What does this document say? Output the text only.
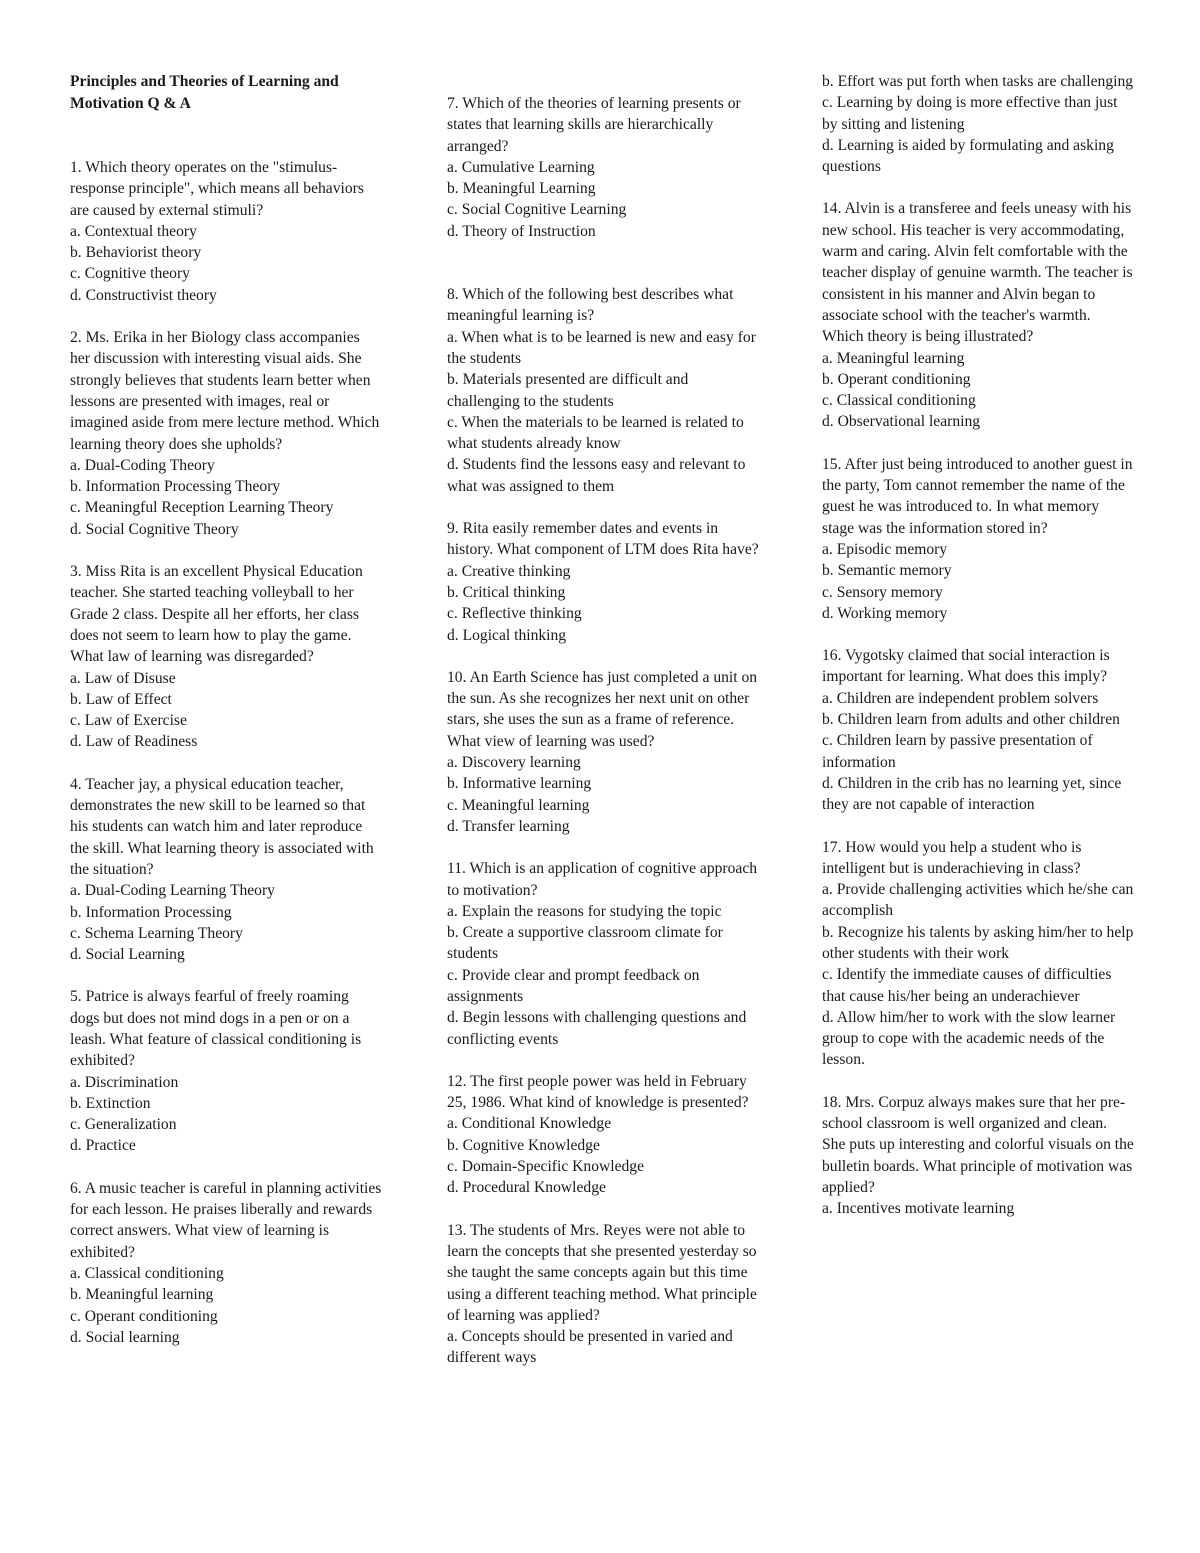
Principles and Theories of Learning and Motivation Q & A

1. Which theory operates on the "stimulus-response principle", which means all behaviors are caused by external stimuli?

a. Contextual theory
b. Behaviorist theory
c. Cognitive theory
d. Constructivist theory

2. Ms. Erika in her Biology class accompanies her discussion with interesting visual aids. She strongly believes that students learn better when lessons are presented with images, real or imagined aside from mere lecture method. Which learning theory does she upholds?

a. Dual-Coding Theory
b. Information Processing Theory
c. Meaningful Reception Learning Theory
d. Social Cognitive Theory

3. Miss Rita is an excellent Physical Education teacher. She started teaching volleyball to her Grade 2 class. Despite all her efforts, her class does not seem to learn how to play the game. What law of learning was disregarded?

a. Law of Disuse
b. Law of Effect
c. Law of Exercise
d. Law of Readiness

4. Teacher jay, a physical education teacher, demonstrates the new skill to be learned so that his students can watch him and later reproduce the skill. What learning theory is associated with the situation?

a. Dual-Coding Learning Theory
b. Information Processing
c. Schema Learning Theory
d. Social Learning

5. Patrice is always fearful of freely roaming dogs but does not mind dogs in a pen or on a leash. What feature of classical conditioning is exhibited?

a. Discrimination
b. Extinction
c. Generalization
d. Practice

6. A music teacher is careful in planning activities for each lesson. He praises liberally and rewards correct answers. What view of learning is exhibited?

a. Classical conditioning
b. Meaningful learning
c. Operant conditioning
d. Social learning

7. Which of the theories of learning presents or states that learning skills are hierarchically arranged?

a. Cumulative Learning
b. Meaningful Learning
c. Social Cognitive Learning
d. Theory of Instruction

8. Which of the following best describes what meaningful learning is?

a. When what is to be learned is new and easy for the students
b. Materials presented are difficult and challenging to the students
c. When the materials to be learned is related to what students already know
d. Students find the lessons easy and relevant to what was assigned to them

9. Rita easily remember dates and events in history. What component of LTM does Rita have?

a. Creative thinking
b. Critical thinking
c. Reflective thinking
d. Logical thinking

10. An Earth Science has just completed a unit on the sun. As she recognizes her next unit on other stars, she uses the sun as a frame of reference. What view of learning was used?

a. Discovery learning
b. Informative learning
c. Meaningful learning
d. Transfer learning

11. Which is an application of cognitive approach to motivation?

a. Explain the reasons for studying the topic
b. Create a supportive classroom climate for students
c. Provide clear and prompt feedback on assignments
d. Begin lessons with challenging questions and conflicting events

12. The first people power was held in February 25, 1986. What kind of knowledge is presented?

a. Conditional Knowledge
b. Cognitive Knowledge
c. Domain-Specific Knowledge
d. Procedural Knowledge

13. The students of Mrs. Reyes were not able to learn the concepts that she presented yesterday so she taught the same concepts again but this time using a different teaching method. What principle of learning was applied?

a. Concepts should be presented in varied and different ways
b. Effort was put forth when tasks are challenging
c. Learning by doing is more effective than just by sitting and listening
d. Learning is aided by formulating and asking questions

14. Alvin is a transferee and feels uneasy with his new school. His teacher is very accommodating, warm and caring. Alvin felt comfortable with the teacher display of genuine warmth. The teacher is consistent in his manner and Alvin began to associate school with the teacher's warmth. Which theory is being illustrated?

a. Meaningful learning
b. Operant conditioning
c. Classical conditioning
d. Observational learning

15. After just being introduced to another guest in the party, Tom cannot remember the name of the guest he was introduced to. In what memory stage was the information stored in?

a. Episodic memory
b. Semantic memory
c. Sensory memory
d. Working memory

16. Vygotsky claimed that social interaction is important for learning. What does this imply?

a. Children are independent problem solvers
b. Children learn from adults and other children
c. Children learn by passive presentation of information
d. Children in the crib has no learning yet, since they are not capable of interaction

17. How would you help a student who is intelligent but is underachieving in class?

a. Provide challenging activities which he/she can accomplish
b. Recognize his talents by asking him/her to help other students with their work
c. Identify the immediate causes of difficulties that cause his/her being an underachiever
d. Allow him/her to work with the slow learner group to cope with the academic needs of the lesson.

18. Mrs. Corpuz always makes sure that her pre-school classroom is well organized and clean. She puts up interesting and colorful visuals on the bulletin boards. What principle of motivation was applied?

a. Incentives motivate learning
